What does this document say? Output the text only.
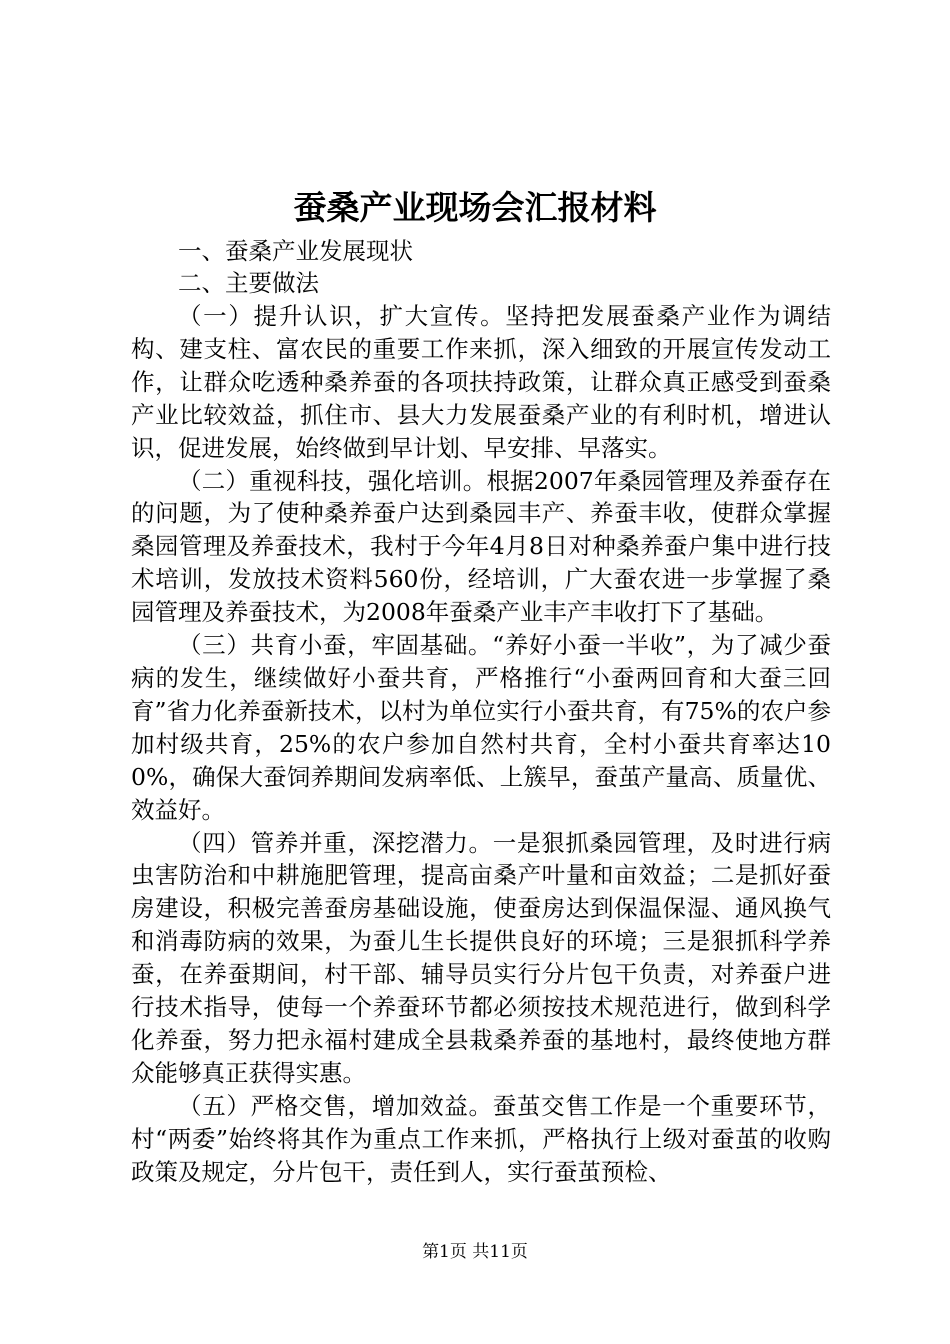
蚕桑产业现场会汇报材料

一、蚕桑产业发展现状

二、主要做法

（一）提升认识，扩大宣传。坚持把发展蚕桑产业作为调结构、建支柱、富农民的重要工作来抓，深入细致的开展宣传发动工作，让群众吃透种桑养蚕的各项扶持政策，让群众真正感受到蚕桑产业比较效益，抓住市、县大力发展蚕桑产业的有利时机，增进认识，促进发展，始终做到早计划、早安排、早落实。

（二）重视科技，强化培训。根据2007年桑园管理及养蚕存在的问题，为了使种桑养蚕户达到桑园丰产、养蚕丰收，使群众掌握桑园管理及养蚕技术，我村于今年4月8日对种桑养蚕户集中进行技术培训，发放技术资料560份，经培训，广大蚕农进一步掌握了桑园管理及养蚕技术，为2008年蚕桑产业丰产丰收打下了基础。

（三）共育小蚕，牢固基础。“养好小蚕一半收”，为了减少蚕病的发生，继续做好小蚕共育，严格推行“小蚕两回育和大蚕三回育”省力化养蚕新技术，以村为单位实行小蚕共育，有75%的农户参加村级共育，25%的农户参加自然村共育，全村小蚕共育率达100%，确保大蚕饲养期间发病率低、上簇早，蚕茧产量高、质量优、效益好。

（四）管养并重，深挖潜力。一是狠抓桑园管理，及时进行病虫害防治和中耕施肥管理，提高亩桑产叶量和亩效益；二是抓好蚕房建设，积极完善蚕房基础设施，使蚕房达到保温保湿、通风换气和消毒防病的效果，为蚕儿生长提供良好的环境；三是狠抓科学养蚕，在养蚕期间，村干部、辅导员实行分片包干负责，对养蚕户进行技术指导，使每一个养蚕环节都必须按技术规范进行，做到科学化养蚕，努力把永福村建成全县栽桑养蚕的基地村，最终使地方群众能够真正获得实惠。

（五）严格交售，增加效益。蚕茧交售工作是一个重要环节，村“两委”始终将其作为重点工作来抓，严格执行上级对蚕茧的收购政策及规定，分片包干，责任到人，实行蚕茧预检、

第1页 共11页
